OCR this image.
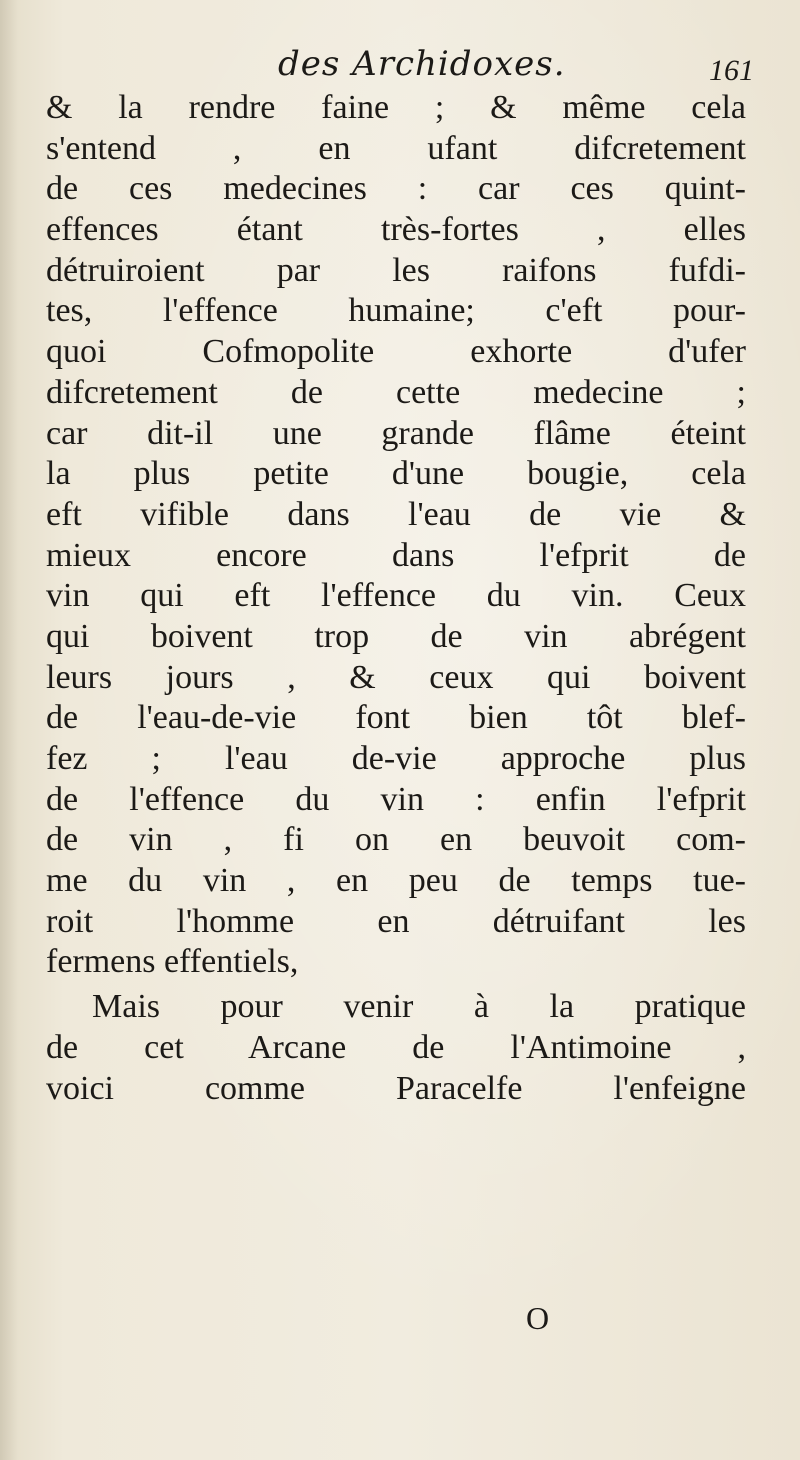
des Archidoxes.	161
& la rendre faine ; & même cela
s'entend , en ufant difcretement
de ces medecines : car ces quint-
effences étant très-fortes , elles
détruiroient par les raifons fufdi-
tes, l'effence humaine; c'eft pour-
quoi Cofmopolite exhorte d'ufer
difcretement de cette medecine ;
car dit-il une grande flâme éteint
la plus petite d'une bougie, cela
eft vifible dans l'eau de vie &
mieux encore dans l'efprit de
vin qui eft l'effence du vin. Ceux
qui boivent trop de vin abrégent
leurs jours , & ceux qui boivent
de l'eau-de-vie font bien tôt blef-
fez ; l'eau de-vie approche plus
de l'effence du vin : enfin l'efprit
de vin , fi on en beuvoit com-
me du vin , en peu de temps tue-
roit l'homme en détruifant les
fermens effentiels,
Mais pour venir à la pratique
de cet Arcane de l'Antimoine ,
voici comme Paracelfe l'enfeigne
O
